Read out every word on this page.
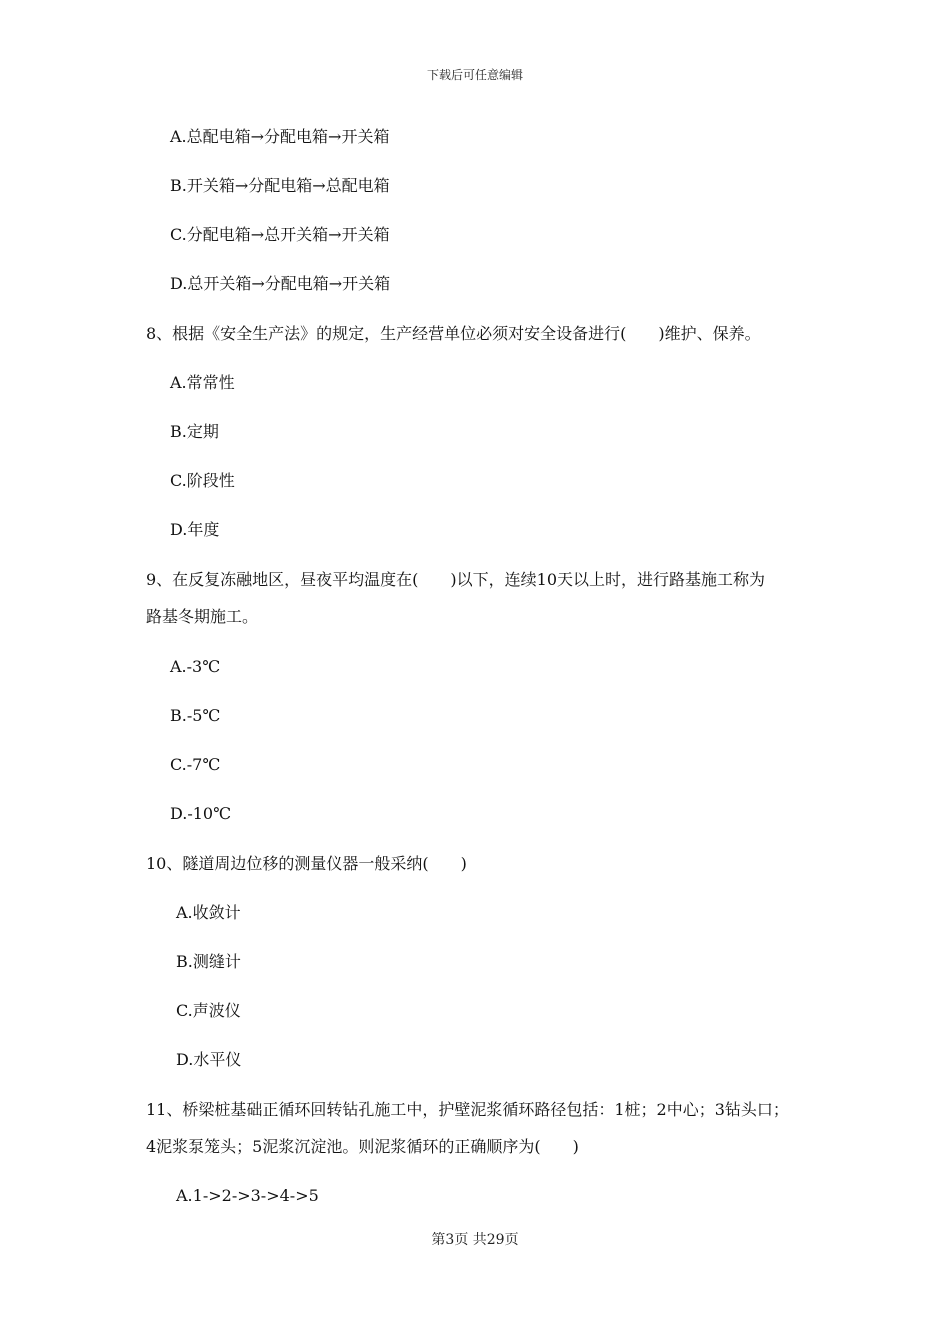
下载后可任意编辑
A.总配电箱→分配电箱→开关箱
B.开关箱→分配电箱→总配电箱
C.分配电箱→总开关箱→开关箱
D.总开关箱→分配电箱→开关箱
8、根据《安全生产法》的规定，生产经营单位必须对安全设备进行(　　)维护、保养。
A.常常性
B.定期
C.阶段性
D.年度
9、在反复冻融地区，昼夜平均温度在(　　)以下，连续10天以上时，进行路基施工称为
路基冬期施工。
A.-3℃
B.-5℃
C.-7℃
D.-10℃
10、隧道周边位移的测量仪器一般采纳(　　)
A.收敛计
B.测缝计
C.声波仪
D.水平仪
11、桥梁桩基础正循环回转钻孔施工中，护壁泥浆循环路径包括：1桩；2中心；3钻头口；
4泥浆泵笼头；5泥浆沉淀池。则泥浆循环的正确顺序为(　　)
A.1->2->3->4->5
第3页 共29页
